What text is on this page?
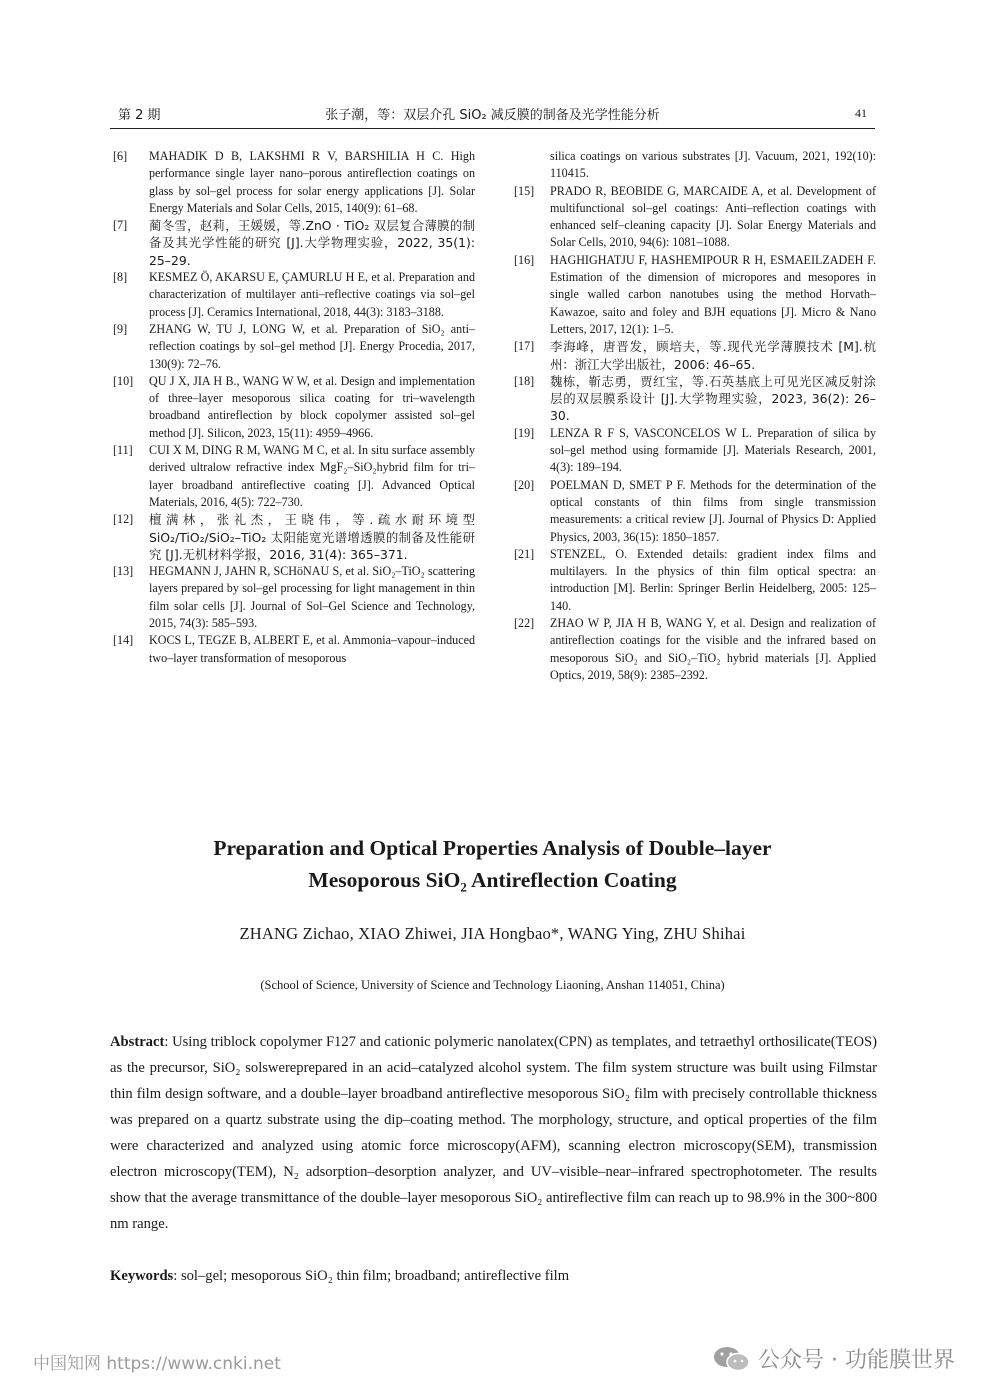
第 2 期	张子潮，等：双层介孔 SiO₂ 减反膜的制备及光学性能分析	41
[6]	MAHADIK D B, LAKSHMI R V, BARSHILIA H C. High performance single layer nano–porous antireflection coatings on glass by sol–gel process for solar energy applications [J]. Solar Energy Materials and Solar Cells, 2015, 140(9): 61–68.
[7]	蔺冬雪，赵莉，王媛媛，等.ZnO · TiO₂ 双层复合薄膜的制备及其光学性能的研究 [J].大学物理实验，2022, 35(1): 25–29.
[8]	KESMEZ Ö, AKARSU E, ÇAMURLU H E, et al. Preparation and characterization of multilayer anti–reflective coatings via sol–gel process [J]. Ceramics International, 2018, 44(3): 3183–3188.
[9]	ZHANG W, TU J, LONG W, et al. Preparation of SiO₂ anti–reflection coatings by sol–gel method [J]. Energy Procedia, 2017, 130(9): 72–76.
[10]	QU J X, JIA H B., WANG W W, et al. Design and implementation of three–layer mesoporous silica coating for tri–wavelength broadband antireflection by block copolymer assisted sol–gel method [J]. Silicon, 2023, 15(11): 4959–4966.
[11]	CUI X M, DING R M, WANG M C, et al. In situ surface assembly derived ultralow refractive index MgF₂–SiO₂hybrid film for tri–layer broadband antireflective coating [J]. Advanced Optical Materials, 2016, 4(5): 722–730.
[12]	檀满林，张礼杰，王晓伟，等.疏水耐环境型 SiO₂/TiO₂/SiO₂–TiO₂ 太阳能宽光谱增透膜的制备及性能研究 [J].无机材料学报，2016, 31(4): 365–371.
[13]	HEGMANN J, JAHN R, SCHöNAU S, et al. SiO₂–TiO₂ scattering layers prepared by sol–gel processing for light management in thin film solar cells [J]. Journal of Sol–Gel Science and Technology, 2015, 74(3): 585–593.
[14]	KOCS L, TEGZE B, ALBERT E, et al. Ammonia–vapour–induced two–layer transformation of mesoporous
silica coatings on various substrates [J]. Vacuum, 2021, 192(10): 110415.
[15]	PRADO R, BEOBIDE G, MARCAIDE A, et al. Development of multifunctional sol–gel coatings: Anti–reflection coatings with enhanced self–cleaning capacity [J]. Solar Energy Materials and Solar Cells, 2010, 94(6): 1081–1088.
[16]	HAGHIGHATJU F, HASHEMIPOUR R H, ESMAEILZADEH F. Estimation of the dimension of micropores and mesopores in single walled carbon nanotubes using the method Horvath–Kawazoe, saito and foley and BJH equations [J]. Micro & Nano Letters, 2017, 12(1): 1–5.
[17]	李海峰，唐晋发，顾培夫，等.现代光学薄膜技术 [M].杭州：浙江大学出版社，2006: 46–65.
[18]	魏栋，靳志勇，贾红宝，等.石英基底上可见光区减反射涂层的双层膜系设计 [J].大学物理实验，2023, 36(2): 26–30.
[19]	LENZA R F S, VASCONCELOS W L. Preparation of silica by sol–gel method using formamide [J]. Materials Research, 2001, 4(3): 189–194.
[20]	POELMAN D, SMET P F. Methods for the determination of the optical constants of thin films from single transmission measurements: a critical review [J]. Journal of Physics D: Applied Physics, 2003, 36(15): 1850–1857.
[21]	STENZEL, O. Extended details: gradient index films and multilayers. In the physics of thin film optical spectra: an introduction [M]. Berlin: Springer Berlin Heidelberg, 2005: 125–140.
[22]	ZHAO W P, JIA H B, WANG Y, et al. Design and realization of antireflection coatings for the visible and the infrared based on mesoporous SiO₂ and SiO₂–TiO₂ hybrid materials [J]. Applied Optics, 2019, 58(9): 2385–2392.
Preparation and Optical Properties Analysis of Double–layer
Mesoporous SiO₂ Antireflection Coating
ZHANG Zichao, XIAO Zhiwei, JIA Hongbao*, WANG Ying, ZHU Shihai
(School of Science, University of Science and Technology Liaoning, Anshan 114051, China)
Abstract: Using triblock copolymer F127 and cationic polymeric nanolatex(CPN) as templates, and tetraethyl orthosilicate(TEOS) as the precursor, SiO₂ solswereprepared in an acid–catalyzed alcohol system. The film system structure was built using Filmstar thin film design software, and a double–layer broadband antireflective mesoporous SiO₂ film with precisely controllable thickness was prepared on a quartz substrate using the dip–coating method. The morphology, structure, and optical properties of the film were characterized and analyzed using atomic force microscopy(AFM), scanning electron microscopy(SEM), transmission electron microscopy(TEM), N₂ adsorption–desorption analyzer, and UV–visible–near–infrared spectrophotometer. The results show that the average transmittance of the double–layer mesoporous SiO₂ antireflective film can reach up to 98.9% in the 300~800 nm range.
Keywords: sol–gel; mesoporous SiO₂ thin film; broadband; antireflective film
中国知网 https://www.cnki.net	公众号 · 功能膜世界
